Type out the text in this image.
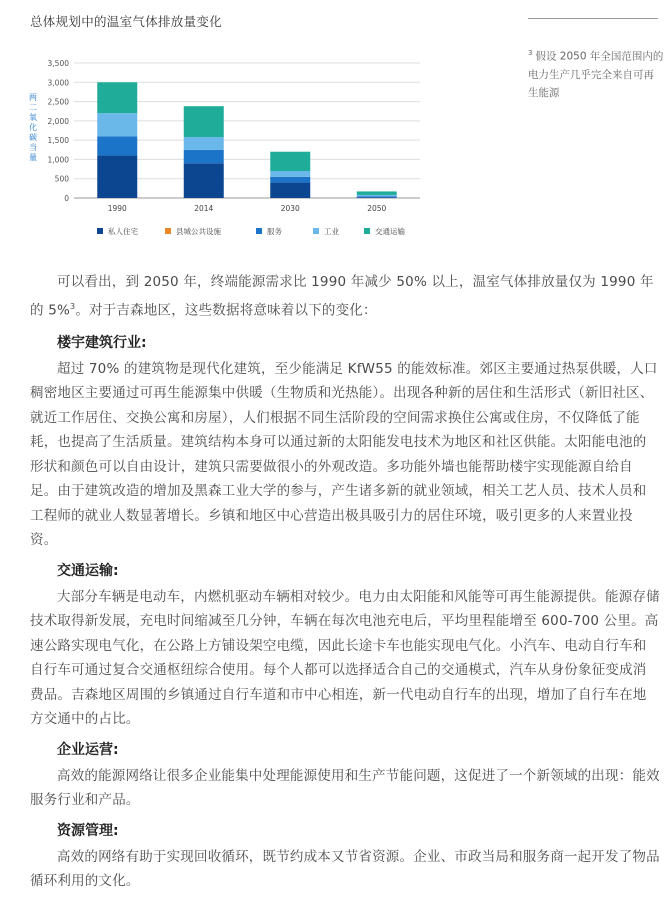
总体规划中的温室气体排放量变化
$^3$ 假设 2050 年全国范围内的电力生产几乎完全来自可再生能源
0
500
1,000
1,500
2,000
2,500
3,000
3,500
两
二
氧
化
碳
当
量
1990	2014	2030	2050
私人住宅	县城公共设施	服务	工业	交通运输

可以看出，到 2050 年，终端能源需求比 1990 年减少 50% 以上，温室气体排放量仅为 1990 年的 5%$^3$。对于吉森地区，这些数据将意味着以下的变化：

楼宇建筑行业:

超过 70% 的建筑物是现代化建筑，至少能满足 KfW55 的能效标准。郊区主要通过热泵供暖，人口稠密地区主要通过可再生能源集中供暖（生物质和光热能）。出现各种新的居住和生活形式（新旧社区、就近工作居住、交换公寓和房屋），人们根据不同生活阶段的空间需求换住公寓或住房，不仅降低了能耗，也提高了生活质量。建筑结构本身可以通过新的太阳能发电技术为地区和社区供能。太阳能电池的形状和颜色可以自由设计，建筑只需要做很小的外观改造。多功能外墙也能帮助楼宇实现能源自给自足。由于建筑改造的增加及黑森工业大学的参与，产生诸多新的就业领域，相关工艺人员、技术人员和工程师的就业人数显著增长。乡镇和地区中心营造出极具吸引力的居住环境，吸引更多的人来置业投资。

交通运输:

大部分车辆是电动车，内燃机驱动车辆相对较少。电力由太阳能和风能等可再生能源提供。能源存储技术取得新发展，充电时间缩减至几分钟，车辆在每次电池充电后，平均里程能增至 600-700 公里。高速公路实现电气化，在公路上方铺设架空电缆，因此长途卡车也能实现电气化。小汽车、电动自行车和自行车可通过复合交通枢纽综合使用。每个人都可以选择适合自己的交通模式，汽车从身份象征变成消费品。吉森地区周围的乡镇通过自行车道和市中心相连，新一代电动自行车的出现，增加了自行车在地方交通中的占比。

企业运营:

高效的能源网络让很多企业能集中处理能源使用和生产节能问题，这促进了一个新领域的出现：能效服务行业和产品。

资源管理:

高效的网络有助于实现回收循环，既节约成本又节省资源。企业、市政当局和服务商一起开发了物品循环利用的文化。
